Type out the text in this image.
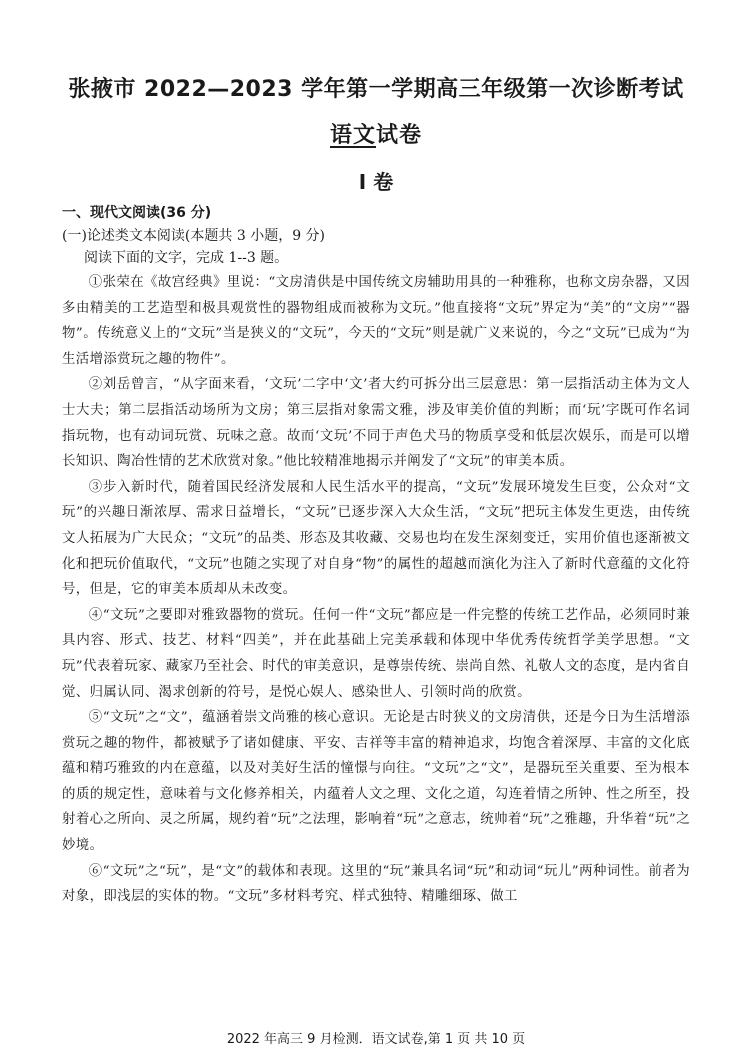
张掖市 2022—2023 学年第一学期高三年级第一次诊断考试
语文试卷
I 卷
一、现代文阅读(36 分)
(一)论述类文本阅读(本题共 3 小题，9 分)
阅读下面的文字，完成 1--3 题。

①张荣在《故宫经典》里说：“文房清供是中国传统文房辅助用具的一种雅称，也称文房杂器，又因多由精美的工艺造型和极具观赏性的器物组成而被称为文玩。”他直接将“文玩”界定为“美”的“文房”“器物”。传统意义上的“文玩”当是狭义的“文玩”，今天的“文玩”则是就广义来说的，今之“文玩”已成为“为生活增添赏玩之趣的物件”。

②刘岳曾言，“从字面来看，‘文玩’二字中‘文’者大约可拆分出三层意思：第一层指活动主体为文人士大夫；第二层指活动场所为文房；第三层指对象需文雅，涉及审美价值的判断；而‘玩’字既可作名词指玩物，也有动词玩赏、玩味之意。故而‘文玩’不同于声色犬马的物质享受和低层次娱乐，而是可以增长知识、陶冶性情的艺术欣赏对象。”他比较精准地揭示并阐发了“文玩”的审美本质。

③步入新时代，随着国民经济发展和人民生活水平的提高，“文玩”发展环境发生巨变，公众对“文玩”的兴趣日渐浓厚、需求日益增长，“文玩”已逐步深入大众生活，“文玩”把玩主体发生更迭，由传统文人拓展为广大民众；“文玩”的品类、形态及其收藏、交易也均在发生深刻变迁，实用价值也逐渐被文化和把玩价值取代，“文玩”也随之实现了对自身“物”的属性的超越而演化为注入了新时代意蕴的文化符号，但是，它的审美本质却从未改变。

④“文玩”之要即对雅致器物的赏玩。任何一件“文玩”都应是一件完整的传统工艺作品，必须同时兼具内容、形式、技艺、材料“四美”，并在此基础上完美承载和体现中华优秀传统哲学美学思想。“文玩”代表着玩家、藏家乃至社会、时代的审美意识，是尊崇传统、崇尚自然、礼敬人文的态度，是内省自觉、归属认同、渴求创新的符号，是悦心娱人、感染世人、引领时尚的欣赏。

⑤“文玩”之“文”，蕴涵着崇文尚雅的核心意识。无论是古时狭义的文房清供，还是今日为生活增添赏玩之趣的物件，都被赋予了诸如健康、平安、吉祥等丰富的精神追求，均饱含着深厚、丰富的文化底蕴和精巧雅致的内在意蕴，以及对美好生活的憧憬与向往。“文玩”之“文”，是器玩至关重要、至为根本的质的规定性，意味着与文化修养相关，内蕴着人文之理、文化之道，勾连着情之所钟、性之所至，投射着心之所向、灵之所属，规约着“玩”之法理，影响着“玩”之意志，统帅着“玩”之雅趣，升华着“玩”之妙境。

⑥“文玩”之“玩”，是“文”的载体和表现。这里的“玩”兼具名词“玩”和动词“玩儿”两种词性。前者为对象，即浅层的实体的物。“文玩”多材料考究、样式独特、精雕细琢、做工

2022 年高三 9 月检测．语文试卷,第 1 页 共 10 页
